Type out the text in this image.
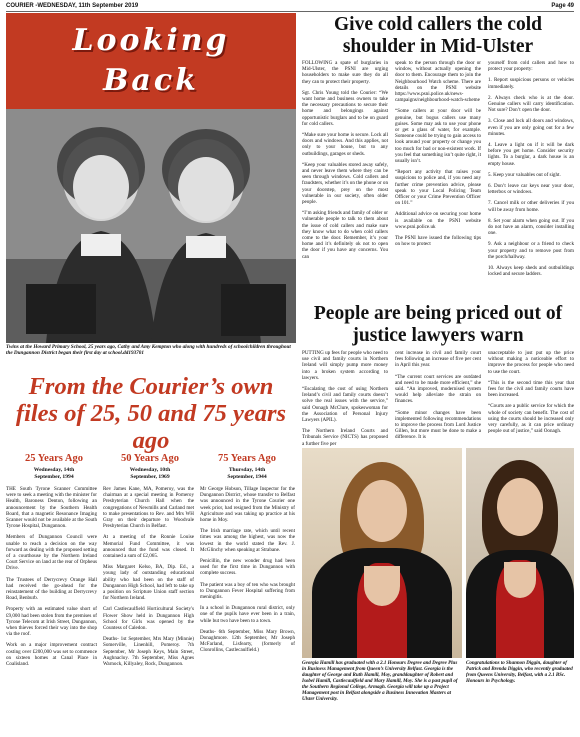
COURIER -WEDNESDAY, 11th September 2019	Page 49
Looking
Back
Twins at the Howard Primary School, 25 years ago, Cathy and Amy Kempton who along with hundreds of schoolchildren throughout the Dungannon District began their first day at school.dd193701
From the Courier’s own files of 25, 50 and 75 years ago
25 Years Ago	50 Years Ago	75 Years Ago
Wednesday, 14th
September, 1994
Wednesday, 10th
September, 1969
Thursday, 14th
September, 1944

THE South Tyrone Scanner Committee were to seek a meeting with the minister for Health, Baroness Denton, following an announcement by the Southern Health Board, that a magnetic Resonance Imaging Scanner would not be available at the South Tyrone Hospital, Dungannon.

Members of Dungannon Council were unable to reach a decision on the way forward as dealing with the proposed setting of a courthouse by the Northern Ireland Court Service on land at the rear of Orpheus Drive.

The Trustees of Derrycrevy Orange Hall had received the go-ahead for the reinstatement of the building at Derrycrevy Road, Benburb.

Property with an estimated value short of £9,000 had been stolen from the premises of Tyrone Telecom at Irish Street, Dungannon, when thieves forced their way into the shop via the roof.

Work on a major improvement contract costing over £200,000 was set to commence on sixteen homes at Canal Place in Coalisland.

Rev James Kane, MA, Pomeroy, was the chairman at a special meeting in Pomeroy Presbyterian Church Hall when the congregations of Newmills and Carland met to make presentations to Rev. and Mrs WH Gray on their departure to Woodvale Presbyterian Church in Belfast.

At a meeting of the Ronnie Louise Memorial Fund Committee, it was announced that the fund was closed. It contained a sum of £2,065.

Miss Margaret Kelso, BA, Dip. Ed., a young lady of outstanding educational ability who had been on the staff of Dungannon High School, had left to take up a position on Scripture Union staff section for Northern Ireland.

Carl Castlecaulfield Horticultural Society's Flower Show held in Dungannon High School for Girls was opened by the Countess of Caledon.

Deaths- 1st September, Mrs Mary (Minnie) Somerville, Linenhill, Pomeroy. 7th September, Mr Joseph Keys, Main Street, Aughnacloy. 7th September, Miss Agnes Warnock, Killyaley, Rock, Dungannon.

Mr George Hobson, Tillage Inspector for the Dungannon District, whose transfer to Belfast was announced in the Tyrone Courier one week prior, had resigned from the Ministry of Agriculture and was taking up practice at his home in Moy.

The Irish marriage rate, which until recent times was among the highest, was now the lowest in the world stated the Rev. J. McGlinchy when speaking at Strabane.

Penicillin, the new wonder drug had been used for the first time in Dungannon with complete success.

The patient was a boy of ten who was brought to Dungannon Fever Hospital suffering from meningitis.

In a school in Dungannon rural district, only one of the pupils have ever been in a train, while but two have been to a town.

Deaths- 6th September, Miss Mary Brown, Donaghmore. 12th September, Mr Joseph McFarland, Lisfearty, (formerly of Clonrollins, Castlecaulfield.)

Give cold callers the cold shoulder in Mid-Ulster

FOLLOWING a spate of burglaries in Mid-Ulster, the PSNI are urging householders to make sure they do all they can to protect their property.

Sgt. Chris Young told the Courier: “We want home and business owners to take the necessary precautions to secure their home and belongings against opportunistic burglars and to be on guard for cold callers.

“Make sure your home is secure. Lock all doors and windows. And this applies, not only to your house, but to any outbuildings, garages or sheds.

“Keep your valuables stored away safely, and never leave them where they can be seen through windows. Cold callers and fraudsters, whether it’s on the phone or on your doorstep, prey on the most vulnerable in our society, often older people.

“I’m asking friends and family of older or vulnerable people to talk to them about the issue of cold callers and make sure they know what to do when cold callers come to the door. Remember, it’s your home and it’s definitely ok not to open the door if you have any concerns. You can

speak to the person through the door or window, without actually opening the door to them. Encourage them to join the Neighbourhood Watch scheme. There are details on the PSNI website https://www.psni.police.uk/news-campaigns/neighbourhood-watch-scheme

“Some callers at your door will be genuine, but bogus callers use many guises. Some may ask to use your phone or get a glass of water, for example. Someone could be trying to gain access to look around your property or change you too much for bad or non-existent work. If you feel that something isn’t quite right, it usually isn’t.

“Report any activity that raises your suspicions to police and, if you need any further crime prevention advice, please speak to your Local Policing Team Officer or your Crime Prevention Officer on 101.”

Additional advice on securing your home is available on the PSNI website www.psni.police.uk

The PSNI have issued the following tips on how to protect

yourself from cold callers and how to protect your property:

1. Report suspicious persons or vehicles immediately.

2. Always check who is at the door. Genuine callers will carry identification. Not sure? Don’t open the door.

3. Close and lock all doors and windows, even if you are only going out for a few minutes.

4. Leave a light on if it will be dark before you get home. Consider security lights. To a burglar, a dark house is an empty house.

5. Keep your valuables out of sight.

6. Don’t leave car keys near your door, letterbox or windows.

7. Cancel milk or other deliveries if you will be away from home.

8. Set your alarm when going out. If you do not have an alarm, consider installing one.

9. Ask a neighbour or a friend to check your property and to remove post from the porch/hallway.

10. Always keep sheds and outbuildings locked and secure ladders.

People are being priced out of justice lawyers warn

PUTTING up fees for people who need to use civil and family courts in Northern Ireland will simply pump more money into a broken system according to lawyers.

“Escalating the cost of using Northern Ireland’s civil and family courts doesn’t solve the real issues with the service,” said Oonagh McClure, spokeswoman for the Association of Personal Injury Lawyers (APIL).

The Northern Ireland Courts and Tribunals Service (NICTS) has proposed a further five per

cent increase in civil and family court fees following an increase of five per cent in April this year.

“The current court services are outdated and need to be made more efficient,” she said. “An improved, modernised system would help alleviate the strain on finances.

“Some minor changes have been implemented following recommendations to improve the process from Lord Justice Gillen, but more must be done to make a difference. It is

unacceptable to just put up the price without making a noticeable effort to improve the process for people who need to use the court.

“This is the second time this year that fees for the civil and family courts have been increased.

“Courts are a public service for which the whole of society can benefit. The cost of using the courts should be increased only very carefully, as it can price ordinary people out of justice,” said Oonagh.

Georgia Hamill has graduated with a 2.1 Honours Degree and Degree Plus in Business Management from Queen’s University Belfast. Georgia is the daughter of George and Ruth Hamill, Moy, granddaughter of Robert and Isobel Hamill, Castlecaulfield and Mary Hamill, Moy. She is a past pupil of the Southern Regional College, Armagh. Georgia will take up a Project Management post in Belfast alongside a Business Innovation Masters at Ulster University.
Congratulations to Shannon Diggin, daughter of Patrick and Brenda Diggin, who recently graduated from Queens University, Belfast, with a 2.1 BSc. Honours in Psychology.
